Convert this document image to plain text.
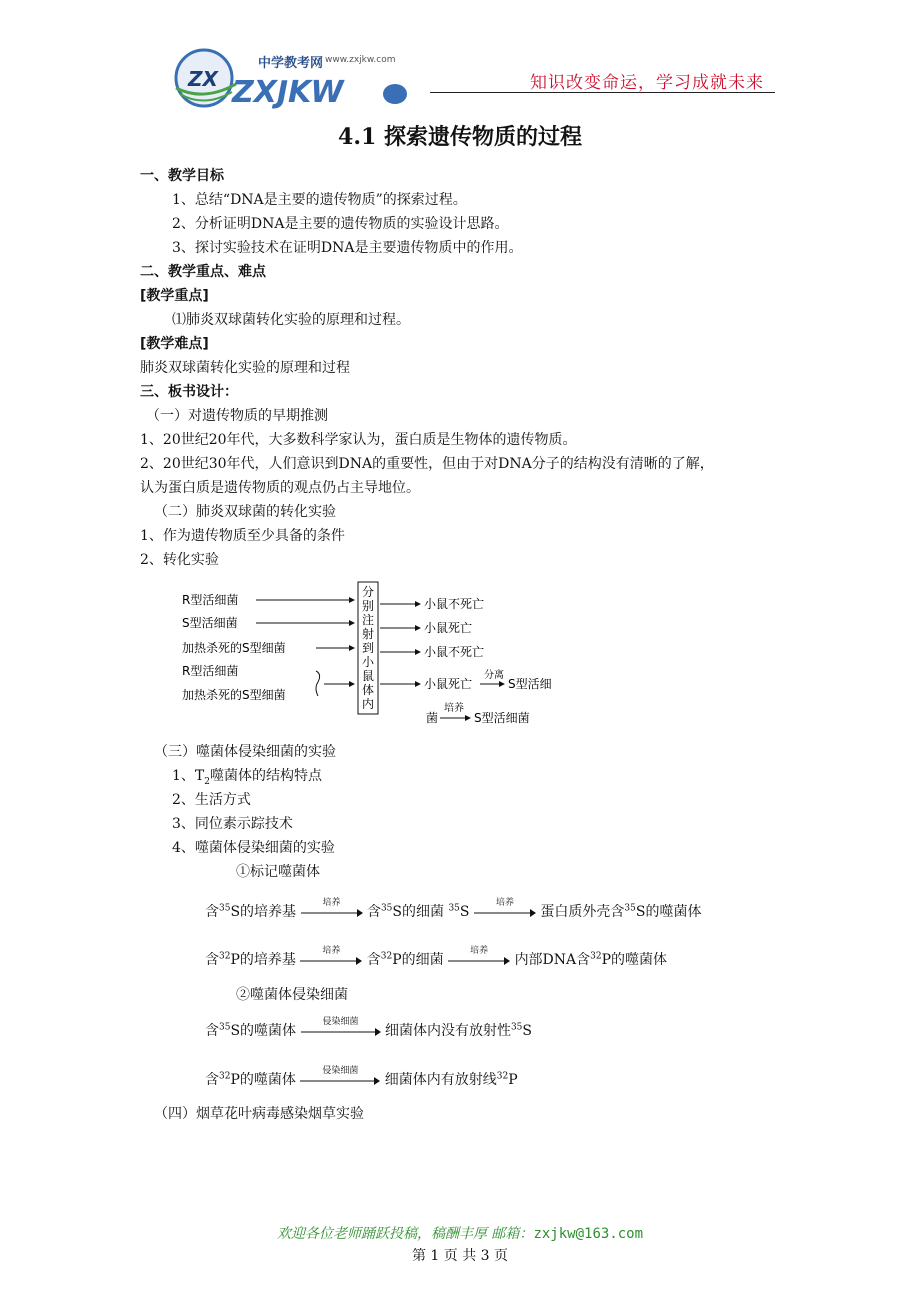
ZX ZXJKW
中学教考网 www.zxjkw.com
知识改变命运，学习成就未来
4.1 探索遗传物质的过程
一、教学目标
1、总结“DNA是主要的遗传物质”的探索过程。
2、分析证明DNA是主要的遗传物质的实验设计思路。
3、探讨实验技术在证明DNA是主要遗传物质中的作用。
二、教学重点、难点
[教学重点]
⑴肺炎双球菌转化实验的原理和过程。
[教学难点]
肺炎双球菌转化实验的原理和过程
三、板书设计：
（一）对遗传物质的早期推测
1、20世纪20年代，大多数科学家认为，蛋白质是生物体的遗传物质。
2、20世纪30年代，人们意识到DNA的重要性，但由于对DNA分子的结构没有清晰的了解，
认为蛋白质是遗传物质的观点仍占主导地位。
（二）肺炎双球菌的转化实验
1、作为遗传物质至少具备的条件
2、转化实验
R型活细菌
S型活细菌
加热杀死的S型细菌
R型活细菌
加热杀死的S型细菌
分
别
注
射
到
小
鼠
体
内
小鼠不死亡
小鼠死亡
小鼠不死亡
小鼠死亡
分离
S型活细
菌
培养
S型活细菌
（三）噬菌体侵染细菌的实验
1、$T_2$噬菌体的结构特点
2、生活方式
3、同位素示踪技术
4、噬菌体侵染细菌的实验
①标记噬菌体
含$^{35}$S的培养基
培养
含$^{35}$S的细菌 $^{35}$S
培养
蛋白质外壳含$^{35}$S的噬菌体
含$^{32}$P的培养基
培养
含$^{32}$P的细菌
培养
内部DNA含$^{32}$P的噬菌体
②噬菌体侵染细菌
含$^{35}$S的噬菌体
侵染细菌
细菌体内没有放射性$^{35}$S
含$^{32}$P的噬菌体
侵染细菌
细菌体内有放射线$^{32}$P
（四）烟草花叶病毒感染烟草实验
欢迎各位老师踊跃投稿，稿酬丰厚 邮箱：zxjkw@163.com
第 1 页 共 3 页
